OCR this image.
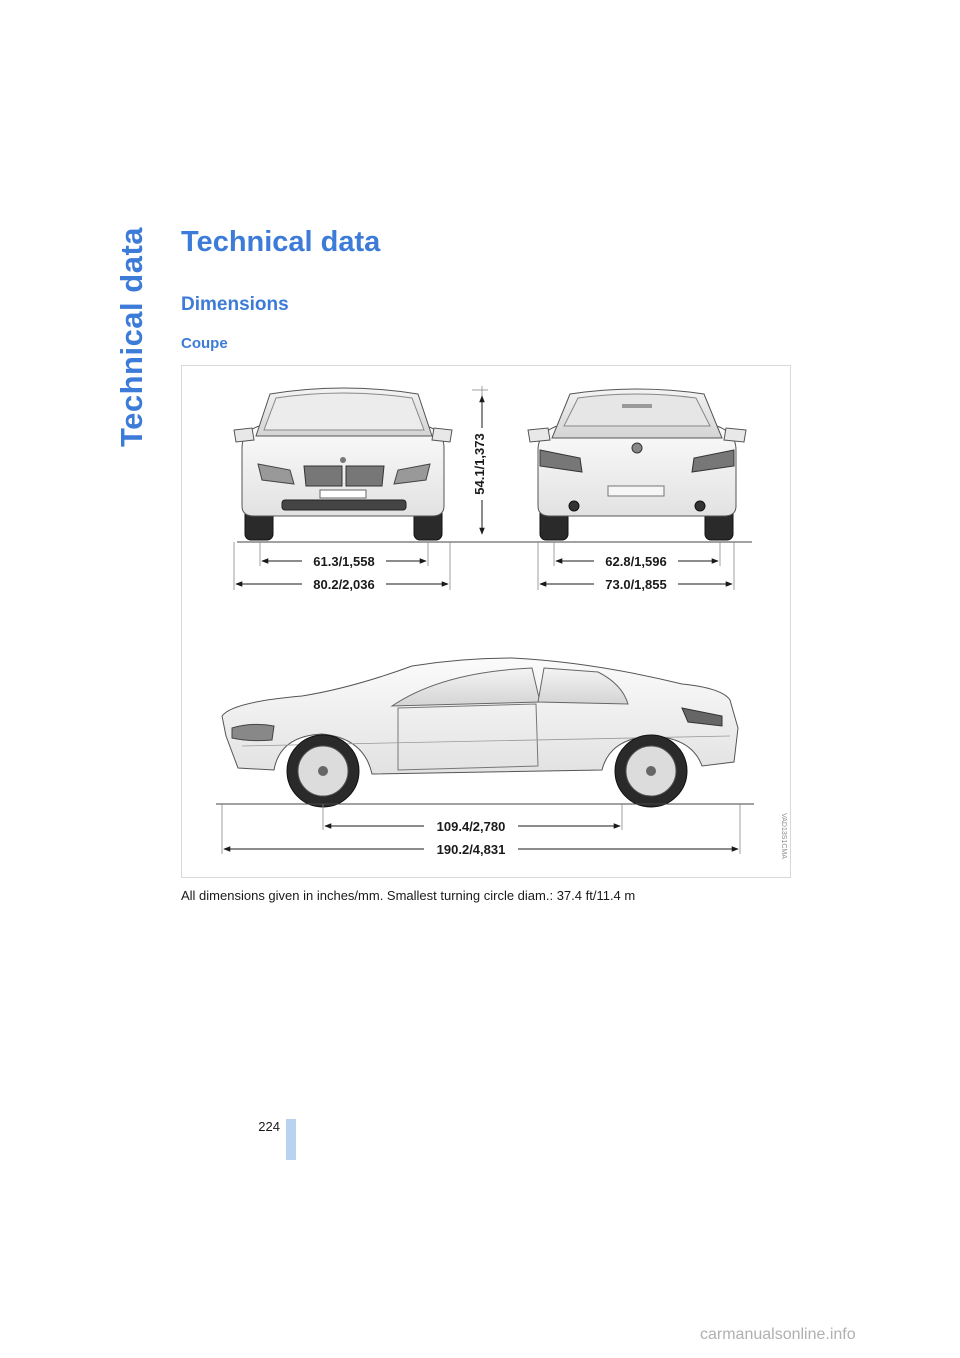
Technical data Technical data
Dimensions
Coupe
54.1/1,373
61.3/1,558
80.2/2,036
62.8/1,596
73.0/1,855
109.4/2,780
190.2/4,831	VAD13S1CMA

All dimensions given in inches/mm. Smallest turning circle diam.: 37.4 ft/11.4 m

224
carmanualsonline.info
